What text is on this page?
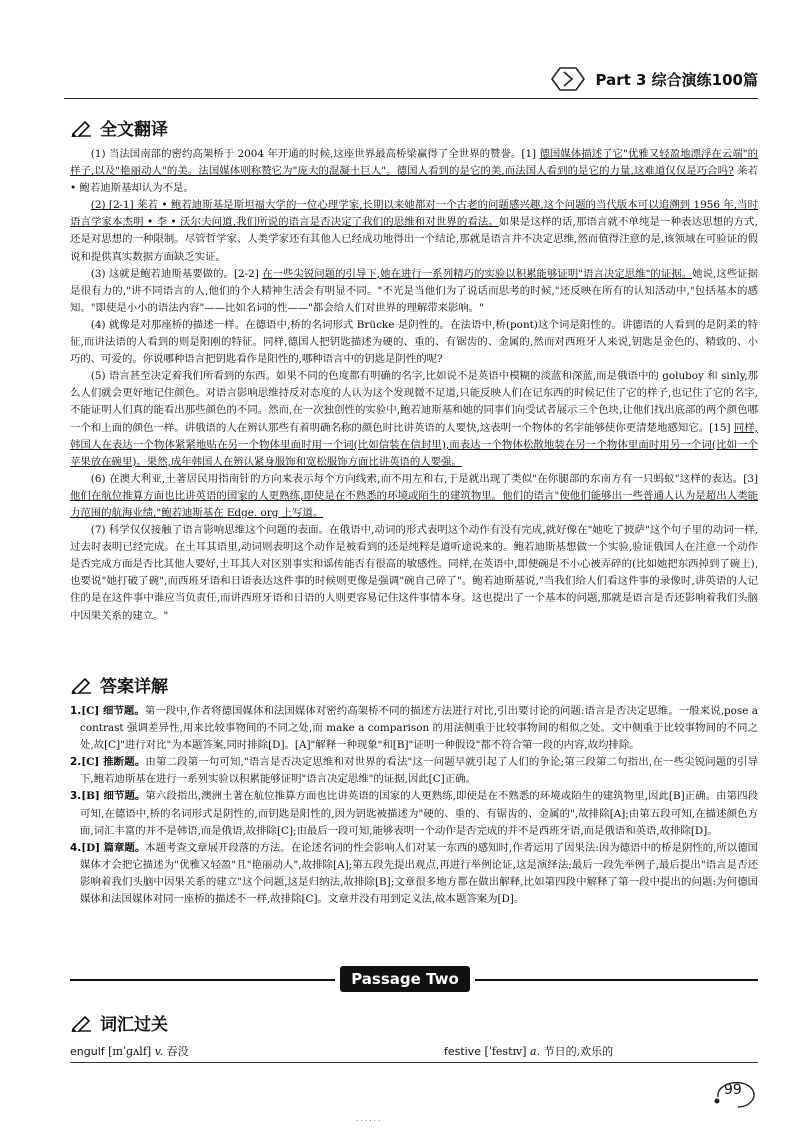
Part 3 综合演练100篇
全文翻译

(1) 当法国南部的密约高架桥于 2004 年开通的时候,这座世界最高桥梁赢得了全世界的赞誉。[1] 德国媒体描述了它"优雅又轻盈地漂浮在云端"的样子,以及"艳丽动人"的美。法国媒体则称赞它为"庞大的混凝土巨人"。德国人看到的是它的美,而法国人看到的是它的力量,这难道仅仅是巧合吗? 莱若 • 鲍若迪斯基却认为不是。

(2) [2-1] 莱若 • 鲍若迪斯基是斯坦福大学的一位心理学家,长期以来她都对一个古老的问题感兴趣,这个问题的当代版本可以追溯到 1956 年,当时语言学家本杰明 • 李 • 沃尔夫问道,我们所说的语言是否决定了我们的思维和对世界的看法。如果是这样的话,那语言就不单纯是一种表达思想的方式,还是对思想的一种限制。尽管哲学家、人类学家还有其他人已经成功地得出一个结论,那就是语言并不决定思维,然而值得注意的是,该领域在可验证的假说和提供真实数据方面缺乏实证。

(3) 这就是鲍若迪斯基要做的。[2-2] 在一些尖锐问题的引导下,她在进行一系列精巧的实验以积累能够证明"语言决定思维"的证据。她说,这些证据是很有力的,"讲不同语言的人,他们的个人精神生活会有明显不同。"不光是当他们为了说话而思考的时候,"还反映在所有的认知活动中,"包括基本的感知。"即使是小小的语法内容"——比如名词的性——"都会给人们对世界的理解带来影响。"

(4) 就像是对那座桥的描述一样。在德语中,桥的名词形式 Brücke 是阴性的。在法语中,桥(pont)这个词是阳性的。讲德语的人看到的是阴柔的特征,而讲法语的人看到的则是阳刚的特征。同样,德国人把钥匙描述为硬的、重的、有锯齿的、金属的,然而对西班牙人来说,钥匙是金色的、精致的、小巧的、可爱的。你说哪种语言把钥匙看作是阳性的,哪种语言中的钥匙是阴性的呢?

(5) 语言甚至决定着我们所看到的东西。如果不同的色度都有明确的名字,比如说不是英语中模糊的淡蓝和深蓝,而是俄语中的 goluboy 和 sinly,那么人们就会更好地记住颜色。对语言影响思维持反对态度的人认为这个发现微不足道,只能反映人们在记东西的时候记住了它的样子,也记住了它的名字,不能证明人们真的能看出那些颜色的不同。然而,在一次独创性的实验中,鲍若迪斯基和她的同事们向受试者展示三个色块,让他们找出底部的两个颜色哪一个和上面的颜色一样。讲俄语的人在辨认那些有着明确名称的颜色时比讲英语的人要快,这表明一个物体的名字能够使你更清楚地感知它。[15] 同样,韩国人在表达一个物体紧紧地贴在另一个物体里面时用一个词(比如信装在信封里),而表达一个物体松散地装在另一个物体里面时用另一个词(比如一个苹果放在碗里)。果然,成年韩国人在辨认紧身服饰和宽松服饰方面比讲英语的人要强。

(6) 在澳大利亚,土著居民用指南针的方向来表示每个方向线索,而不用左和右,于是就出现了类似"在你腿部的东南方有一只蚂蚁"这样的表达。[3] 他们在航位推算方面也比讲英语的国家的人更熟练,即使是在不熟悉的环境或陌生的建筑物里。他们的语言"使他们能够出一些普通人认为是超出人类能力范围的航海业绩,"鲍若迪斯基在 Edge. org 上写道。

(7) 科学仅仅接触了语言影响思维这个问题的表面。在俄语中,动词的形式表明这个动作有没有完成,就好像在"她吃了披萨"这个句子里的动词一样,过去时表明已经完成。在土耳其语里,动词则表明这个动作是被看到的还是纯粹是道听途说来的。鲍若迪斯基想做一个实验,验证俄国人在注意一个动作是否完成方面是否比其他人要好,土耳其人对区别事实和谣传能否有很高的敏感性。同样,在英语中,即便碗是不小心被弄碎的(比如她把东西掉到了碗上),也要说"她打破了碗",而西班牙语和日语表达这件事的时候则更像是强调"碗自己碎了"。鲍若迪斯基说,"当我们给人们看这件事的录像时,讲英语的人记住的是在这件事中谁应当负责任,而讲西班牙语和日语的人则更容易记住这件事情本身。这也提出了一个基本的问题,那就是语言是否还影响着我们头脑中因果关系的建立。"

答案详解

1.[C] 细节题。第一段中,作者将德国媒体和法国媒体对密约高架桥不同的描述方法进行对比,引出要讨论的问题:语言是否决定思维。一般来说,pose a contrast 强调差异性,用来比较事物间的不同之处,而 make a comparison 的用法侧重于比较事物间的相似之处。文中侧重于比较事物间的不同之处,故[C]"进行对比"为本题答案,同时排除[D]。[A]"解释一种现象"和[B]"证明一种假设"都不符合第一段的内容,故均排除。

2.[C] 推断题。由第二段第一句可知,"语言是否决定思维和对世界的看法"这一问题早就引起了人们的争论;第三段第二句指出,在一些尖锐问题的引导下,鲍若迪斯基在进行一系列实验以积累能够证明"语言决定思维"的证据,因此[C]正确。

3.[B] 细节题。第六段指出,澳洲土著在航位推算方面也比讲英语的国家的人更熟练,即使是在不熟悉的环境或陌生的建筑物里,因此[B]正确。由第四段可知,在德语中,桥的名词形式是阴性的,而钥匙是阳性的,因为钥匙被描述为"硬的、重的、有锯齿的、金属的",故排除[A];由第五段可知,在描述颜色方面,词汇丰富的并不是韩语,而是俄语,故排除[C];由最后一段可知,能够表明一个动作是否完成的并不是西班牙语,而是俄语和英语,故排除[D]。

4.[D] 篇章题。本题考查文章展开段落的方法。在论述名词的性会影响人们对某一东西的感知时,作者运用了因果法:因为德语中的桥是阴性的,所以德国媒体才会把它描述为"优雅又轻盈"且"艳丽动人",故排除[A];第五段先提出观点,再进行举例论证,这是演绎法;最后一段先举例子,最后提出"语言是否还影响着我们头脑中因果关系的建立"这个问题,这是归纳法,故排除[B];文章很多地方都在做出解释,比如第四段中解释了第一段中提出的问题:为何德国媒体和法国媒体对同一座桥的描述不一样,故排除[C]。文章并没有用到定义法,故本题答案为[D]。

Passage Two
词汇过关
engulf [ɪnˈɡʌlf] v. 吞没	festive [ˈfestɪv] a. 节日的,欢乐的
99
· · · · · ·
